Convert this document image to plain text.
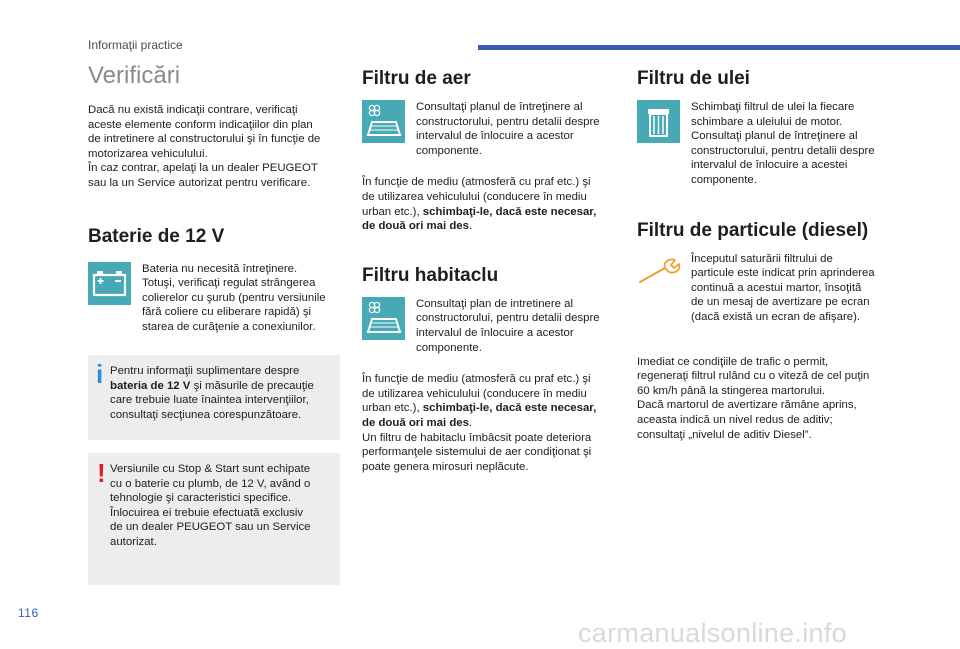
Informaţii practice
Verificări

Dacă nu există indicaţii contrare, verificaţi

aceste elemente conform indicaţiilor din plan

de intretinere al constructorului şi în funcţie de

motorizarea vehiculului.

În caz contrar, apelaţi la un dealer PEUGEOT

sau la un Service autorizat pentru verificare.

Baterie de 12 V

Bateria nu necesită întreţinere.

Totuşi, verificaţi regulat strângerea

colierelor cu şurub (pentru versiunile

fără coliere cu eliberare rapidă) şi

starea de curăţenie a conexiunilor.

i Pentru informaţii suplimentare despre
bateria de 12 V şi măsurile de precauţie
care trebuie luate înaintea intervenţiilor,
consultaţi secţiunea corespunzătoare.
! Versiunile cu Stop & Start sunt echipate
cu o baterie cu plumb, de 12 V, având o
tehnologie şi caracteristici specifice.
Înlocuirea ei trebuie efectuată exclusiv
de un dealer PEUGEOT sau un Service
autorizat.
Filtru de aer

Consultaţi planul de întreţinere al

constructorului, pentru detalii despre

intervalul de înlocuire a acestor

componente.

În funcţie de mediu (atmosferă cu praf etc.) şi

de utilizarea vehiculului (conducere în mediu

urban etc.), schimbaţi-le, dacă este necesar,

de două ori mai des.

Filtru habitaclu

Consultaţi plan de intretinere al

constructorului, pentru detalii despre

intervalul de înlocuire a acestor

componente.

În funcţie de mediu (atmosferă cu praf etc.) şi

de utilizarea vehiculului (conducere în mediu

urban etc.), schimbaţi-le, dacă este necesar,

de două ori mai des.

Un filtru de habitaclu îmbâcsit poate deteriora

performanţele sistemului de aer condiţionat şi

poate genera mirosuri neplăcute.

Filtru de ulei

Schimbaţi filtrul de ulei la fiecare

schimbare a uleiului de motor.

Consultaţi planul de întreţinere al

constructorului, pentru detalii despre

intervalul de înlocuire a acestei

componente.

Filtru de particule (diesel)

Începutul saturării filtrului de

particule este indicat prin aprinderea

continuă a acestui martor, însoţită

de un mesaj de avertizare pe ecran

(dacă există un ecran de afişare).

Imediat ce condiţiile de trafic o permit,

regeneraţi filtrul rulând cu o viteză de cel puţin

60 km/h până la stingerea martorului.

Dacă martorul de avertizare rămâne aprins,

aceasta indică un nivel redus de aditiv;

consultaţi „nivelul de aditiv Diesel”.

116
carmanualsonline.info
